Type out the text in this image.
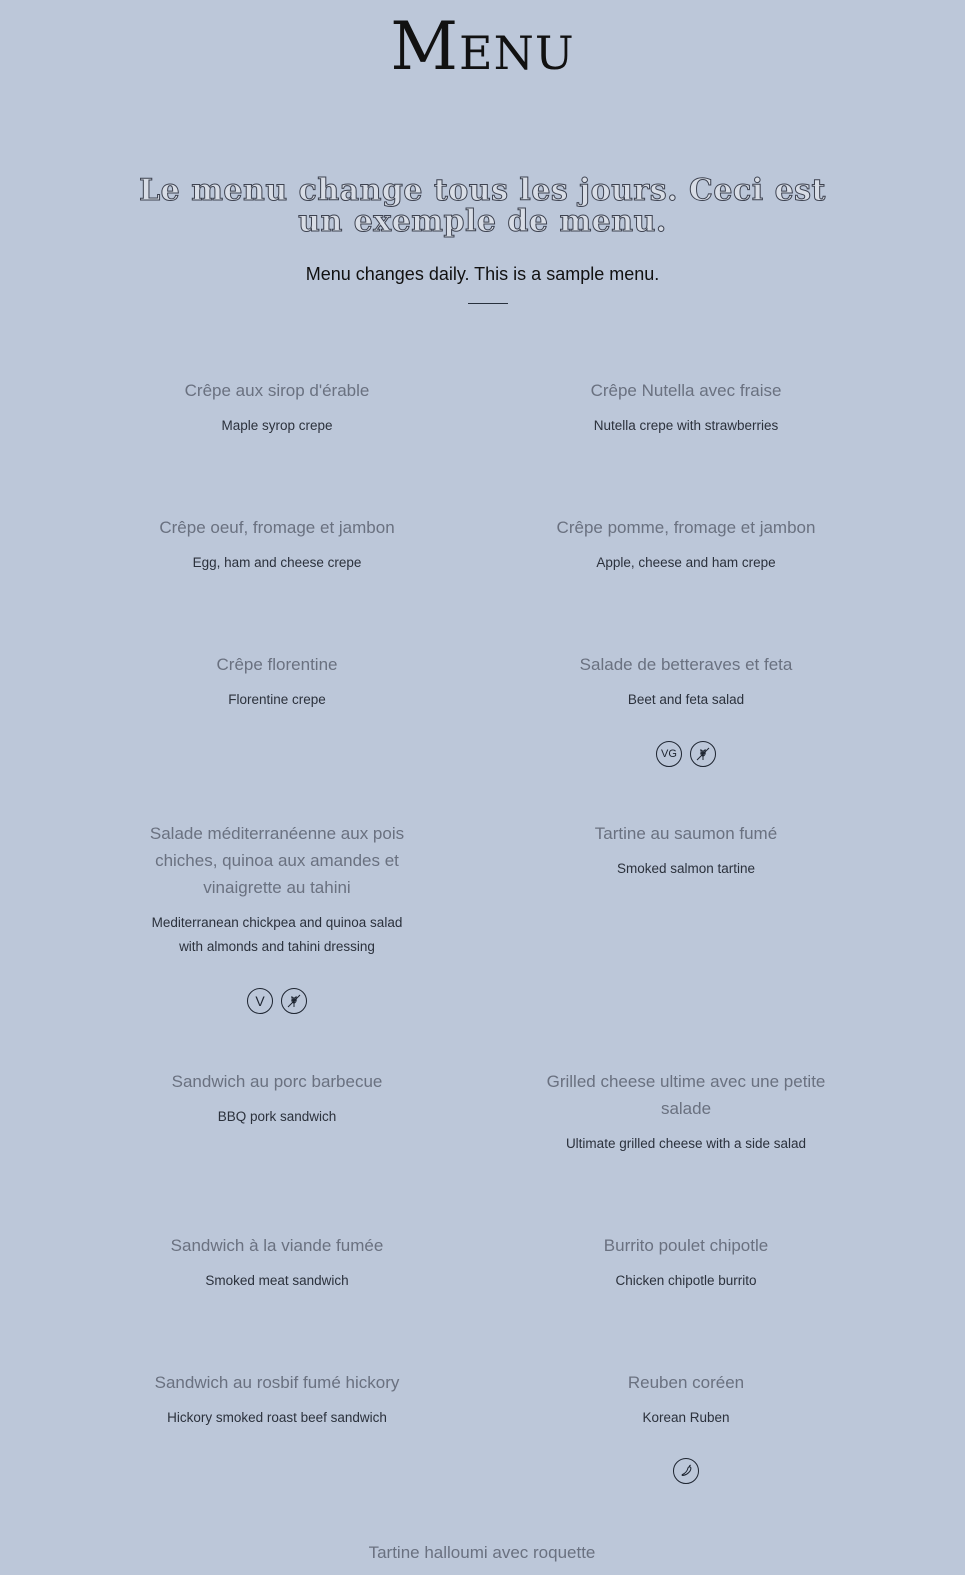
Menu
Le menu change tous les jours. Ceci est un exemple de menu.
Menu changes daily. This is a sample menu.
Crêpe aux sirop d'érable
Maple syrop crepe
Crêpe Nutella avec fraise
Nutella crepe with strawberries
Crêpe oeuf, fromage et jambon
Egg, ham and cheese crepe
Crêpe pomme, fromage et jambon
Apple, cheese and ham crepe
Crêpe florentine
Florentine crepe
Salade de betteraves et feta
Beet and feta salad
VG
Salade méditerranéenne aux pois chiches, quinoa aux amandes et vinaigrette au tahini
Mediterranean chickpea and quinoa salad with almonds and tahini dressing
V
Tartine au saumon fumé
Smoked salmon tartine
Sandwich au porc barbecue
BBQ pork sandwich
Grilled cheese ultime avec une petite salade
Ultimate grilled cheese with a side salad
Sandwich à la viande fumée
Smoked meat sandwich
Burrito poulet chipotle
Chicken chipotle burrito
Sandwich au rosbif fumé hickory
Hickory smoked roast beef sandwich
Reuben coréen
Korean Ruben
Tartine halloumi avec roquette
